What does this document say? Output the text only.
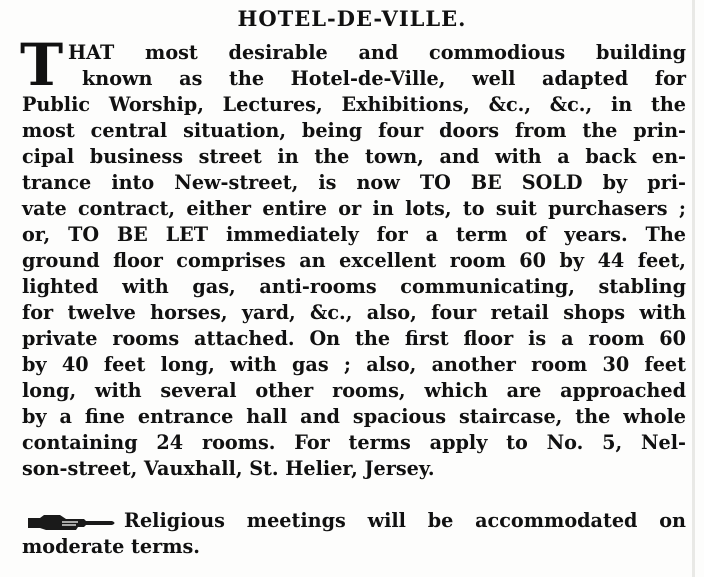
HOTEL-DE-VILLE.
T HAT most desirable and commodious building
known as the Hotel-de-Ville, well adapted for
Public Worship, Lectures, Exhibitions, &c., &c., in the
most central situation, being four doors from the prin-
cipal business street in the town, and with a back en-
trance into New-street, is now TO BE SOLD by pri-
vate contract, either entire or in lots, to suit purchasers ;
or, TO BE LET immediately for a term of years. The
ground floor comprises an excellent room 60 by 44 feet,
lighted with gas, anti-rooms communicating, stabling
for twelve horses, yard, &c., also, four retail shops with
private rooms attached. On the first floor is a room 60
by 40 feet long, with gas ; also, another room 30 feet
long, with several other rooms, which are approached
by a fine entrance hall and spacious staircase, the whole
containing 24 rooms. For terms apply to No. 5, Nel-
son-street, Vauxhall, St. Helier, Jersey.
Religious meetings will be accommodated on
moderate terms.
